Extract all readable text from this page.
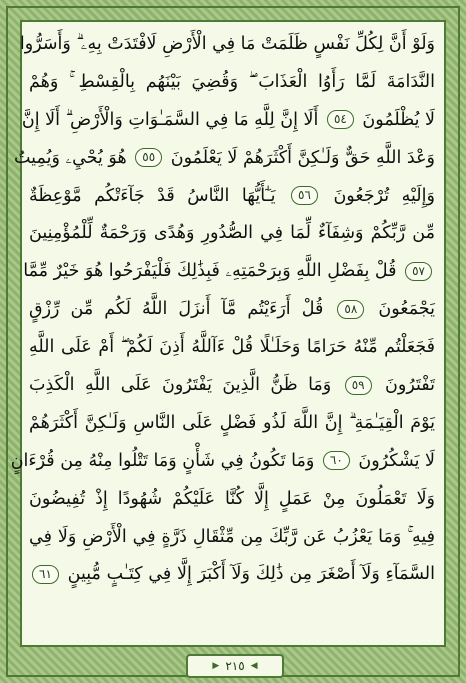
وَلَوْ أَنَّ لِكُلِّ نَفْسٍ ظَلَمَتْ مَا فِي الْأَرْضِ لَافْتَدَتْ بِهِۦ ۗ وَأَسَرُّوا
النَّدَامَةَ لَمَّا رَأَوُا الْعَذَابَ ۖ وَقُضِيَ بَيْنَهُم بِالْقِسْطِ ۚ وَهُمْ
لَا يُظْلَمُونَ ٥٤ أَلَا إِنَّ لِلَّهِ مَا فِي السَّمَـٰوَاتِ وَالْأَرْضِ ۗ أَلَا إِنَّ
وَعْدَ اللَّهِ حَقٌّ وَلَـٰكِنَّ أَكْثَرَهُمْ لَا يَعْلَمُونَ ٥٥ هُوَ يُحْيِۦ وَيُمِيتُ
وَإِلَيْهِ تُرْجَعُونَ ٥٦ يَـٰٓأَيُّهَا النَّاسُ قَدْ جَآءَتْكُم مَّوْعِظَةٌ
مِّن رَّبِّكُمْ وَشِفَآءٌ لِّمَا فِي الصُّدُورِ وَهُدًى وَرَحْمَةٌ لِّلْمُؤْمِنِينَ
٥٧ قُلْ بِفَضْلِ اللَّهِ وَبِرَحْمَتِهِۦ فَبِذَٰلِكَ فَلْيَفْرَحُوا هُوَ خَيْرٌ مِّمَّا
يَجْمَعُونَ ٥٨ قُلْ أَرَءَيْتُم مَّآ أَنزَلَ اللَّهُ لَكُم مِّن رِّزْقٍ
فَجَعَلْتُم مِّنْهُ حَرَامًا وَحَلَـٰلًا قُلْ ءَآللَّهُ أَذِنَ لَكُمْ ۖ أَمْ عَلَى اللَّهِ
تَفْتَرُونَ ٥٩ وَمَا ظَنُّ الَّذِينَ يَفْتَرُونَ عَلَى اللَّهِ الْكَذِبَ
يَوْمَ الْقِيَـٰمَةِ ۗ إِنَّ اللَّهَ لَذُو فَضْلٍ عَلَى النَّاسِ وَلَـٰكِنَّ أَكْثَرَهُمْ
لَا يَشْكُرُونَ ٦٠ وَمَا تَكُونُ فِي شَأْنٍ وَمَا تَتْلُوا مِنْهُ مِن قُرْءَانٍ
وَلَا تَعْمَلُونَ مِنْ عَمَلٍ إِلَّا كُنَّا عَلَيْكُمْ شُهُودًا إِذْ تُفِيضُونَ
فِيهِ ۚ وَمَا يَعْزُبُ عَن رَّبِّكَ مِن مِّثْقَالِ ذَرَّةٍ فِي الْأَرْضِ وَلَا فِي
السَّمَآءِ وَلَآ أَصْغَرَ مِن ذَٰلِكَ وَلَآ أَكْبَرَ إِلَّا فِي كِتَـٰبٍ مُّبِينٍ ٦١
▶ ٢١٥ ◀
